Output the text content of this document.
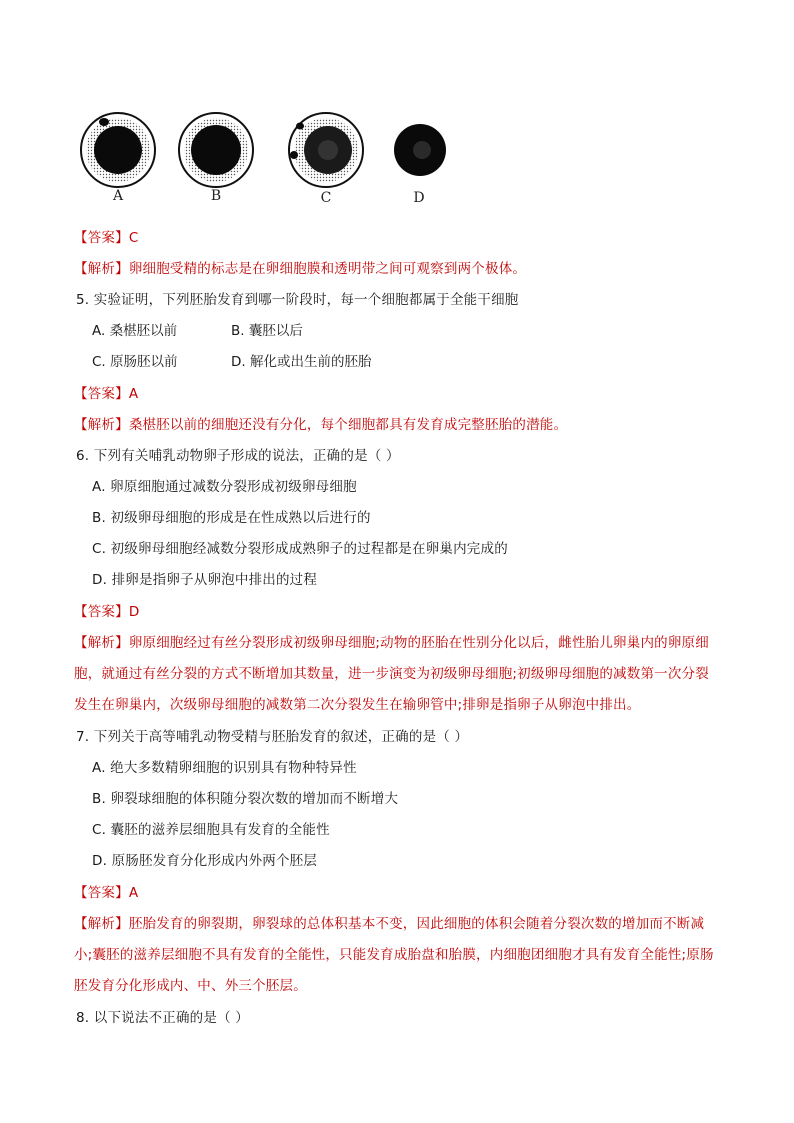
A	B	C	D
【答案】C
【解析】卵细胞受精的标志是在卵细胞膜和透明带之间可观察到两个极体。
5. 实验证明，下列胚胎发育到哪一阶段时，每一个细胞都属于全能干细胞
A. 桑椹胚以前	B. 囊胚以后
C. 原肠胚以前	D. 解化或出生前的胚胎
【答案】A
【解析】桑椹胚以前的细胞还没有分化，每个细胞都具有发育成完整胚胎的潜能。
6. 下列有关哺乳动物卵子形成的说法，正确的是（ ）
A. 卵原细胞通过减数分裂形成初级卵母细胞
B. 初级卵母细胞的形成是在性成熟以后进行的
C. 初级卵母细胞经减数分裂形成成熟卵子的过程都是在卵巢内完成的
D. 排卵是指卵子从卵泡中排出的过程
【答案】D
【解析】卵原细胞经过有丝分裂形成初级卵母细胞;动物的胚胎在性别分化以后，雌性胎儿卵巢内的卵原细
胞，就通过有丝分裂的方式不断增加其数量，进一步演变为初级卵母细胞;初级卵母细胞的减数第一次分裂
发生在卵巢内，次级卵母细胞的减数第二次分裂发生在输卵管中;排卵是指卵子从卵泡中排出。
7. 下列关于高等哺乳动物受精与胚胎发育的叙述，正确的是（ ）
A. 绝大多数精卵细胞的识别具有物种特异性
B. 卵裂球细胞的体积随分裂次数的增加而不断增大
C. 囊胚的滋养层细胞具有发育的全能性
D. 原肠胚发育分化形成内外两个胚层
【答案】A
【解析】胚胎发育的卵裂期，卵裂球的总体积基本不变，因此细胞的体积会随着分裂次数的增加而不断减
小;囊胚的滋养层细胞不具有发育的全能性，只能发育成胎盘和胎膜，内细胞团细胞才具有发育全能性;原肠
胚发育分化形成内、中、外三个胚层。
8. 以下说法不正确的是（ ）
